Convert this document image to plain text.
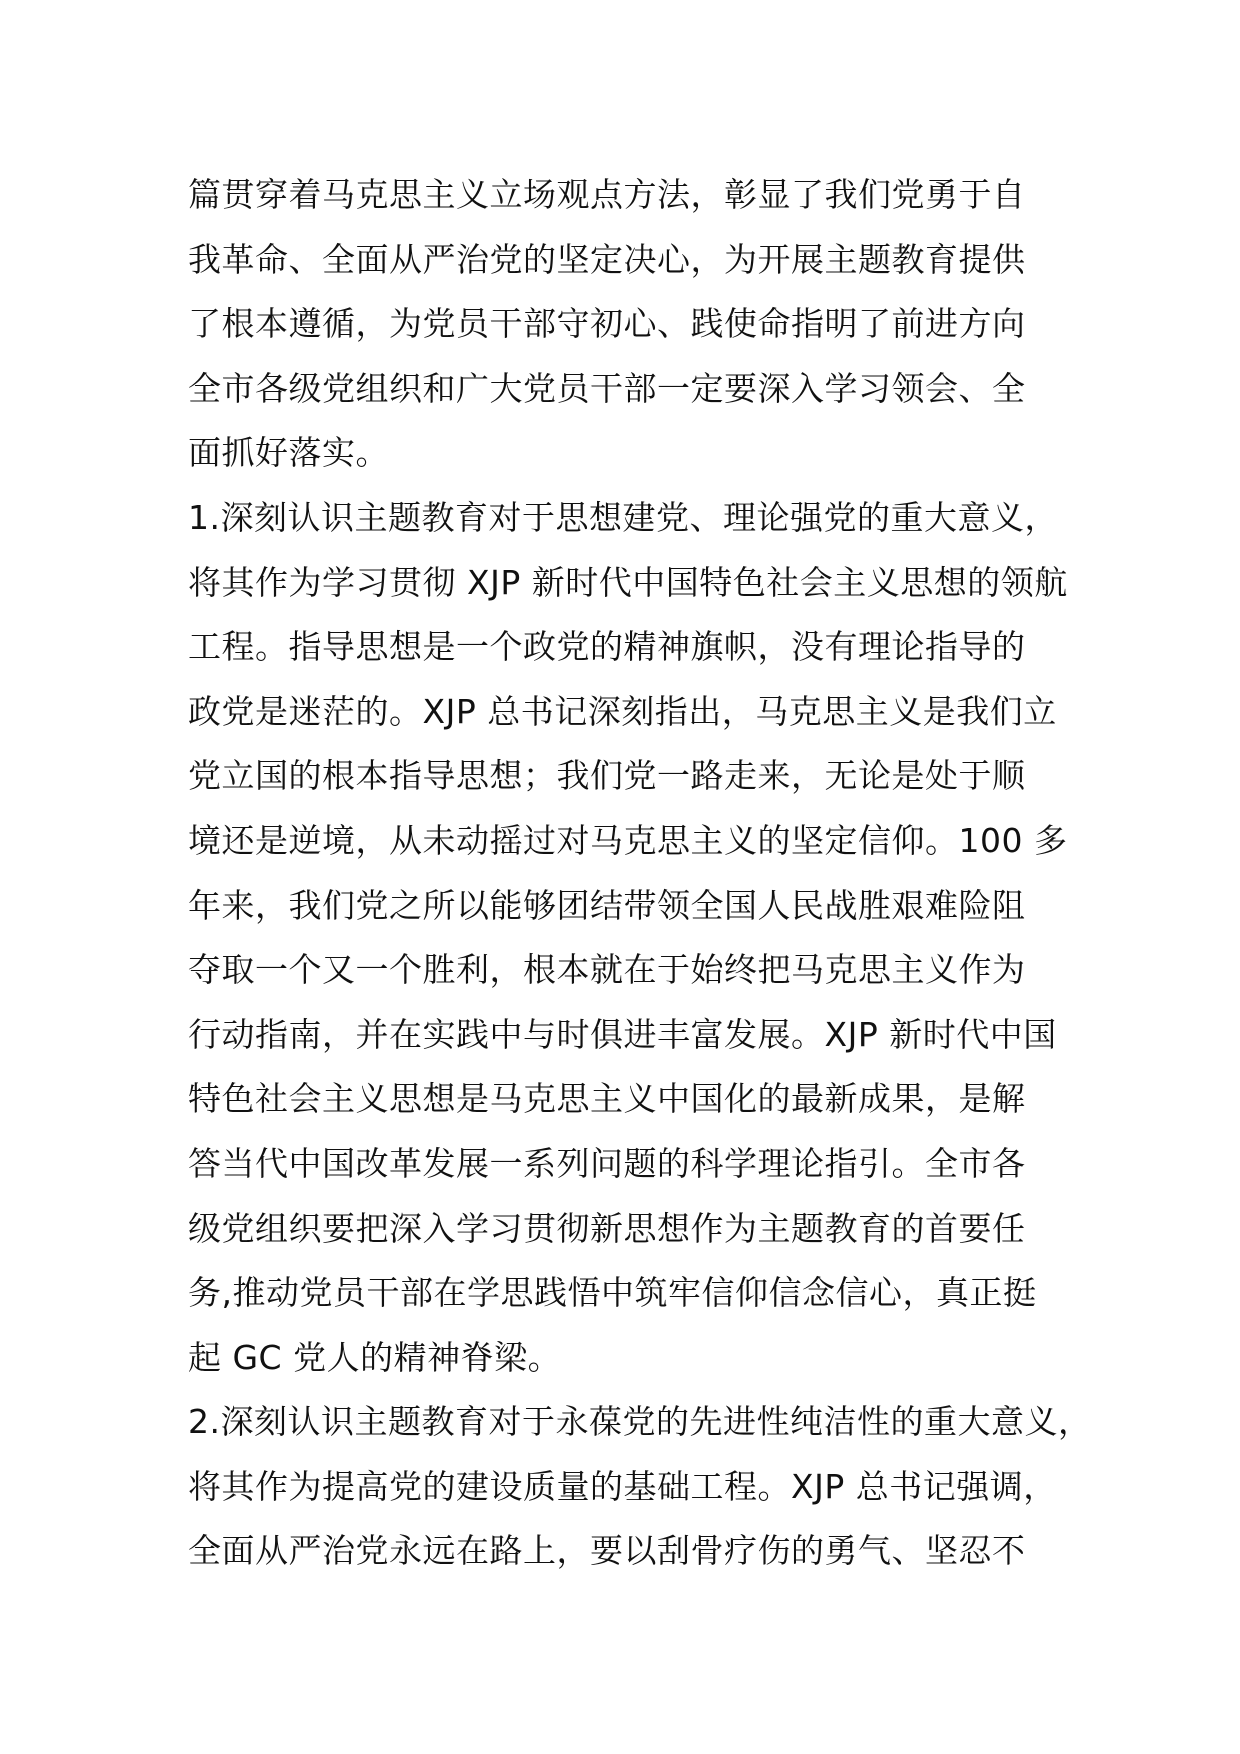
篇贯穿着马克思主义立场观点方法，彰显了我们党勇于自
我革命、全面从严治党的坚定决心，为开展主题教育提供
了根本遵循，为党员干部守初心、践使命指明了前进方向
全市各级党组织和广大党员干部一定要深入学习领会、全
面抓好落实。
1.深刻认识主题教育对于思想建党、理论强党的重大意义，
将其作为学习贯彻 XJP 新时代中国特色社会主义思想的领航
工程。指导思想是一个政党的精神旗帜，没有理论指导的
政党是迷茫的。XJP 总书记深刻指出，马克思主义是我们立
党立国的根本指导思想；我们党一路走来，无论是处于顺
境还是逆境，从未动摇过对马克思主义的坚定信仰。100 多
年来，我们党之所以能够团结带领全国人民战胜艰难险阻
夺取一个又一个胜利，根本就在于始终把马克思主义作为
行动指南，并在实践中与时俱进丰富发展。XJP 新时代中国
特色社会主义思想是马克思主义中国化的最新成果，是解
答当代中国改革发展一系列问题的科学理论指引。全市各
级党组织要把深入学习贯彻新思想作为主题教育的首要任
务,推动党员干部在学思践悟中筑牢信仰信念信心，真正挺
起 GC 党人的精神脊梁。
2.深刻认识主题教育对于永葆党的先进性纯洁性的重大意义，
将其作为提高党的建设质量的基础工程。XJP 总书记强调，
全面从严治党永远在路上，要以刮骨疗伤的勇气、坚忍不
